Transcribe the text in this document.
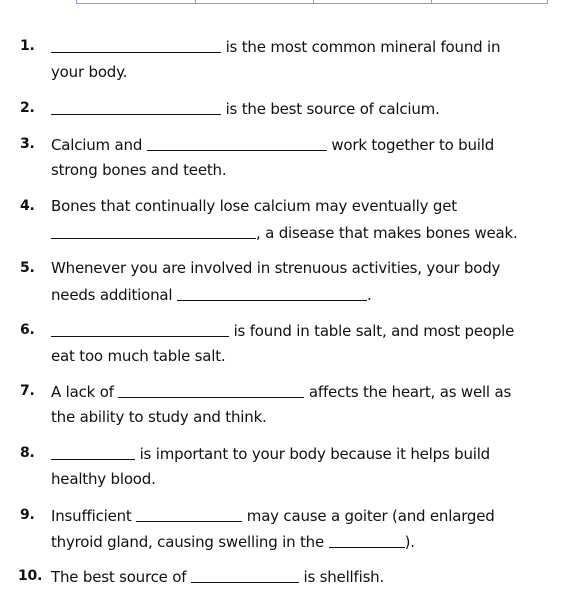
1.	is the most common mineral found in
your body.
2.	is the best source of calcium.
3. Calcium and	work together to build
strong bones and teeth.
4. Bones that continually lose calcium may eventually get
, a disease that makes bones weak.
5. Whenever you are involved in strenuous activities, your body
needs additional	.
6.	is found in table salt, and most people
eat too much table salt.
7. A lack of	affects the heart, as well as
the ability to study and think.
8.	is important to your body because it helps build
healthy blood.
9. Insufficient	may cause a goiter (and enlarged
thyroid gland, causing swelling in the	).
10. The best source of	is shellfish.
